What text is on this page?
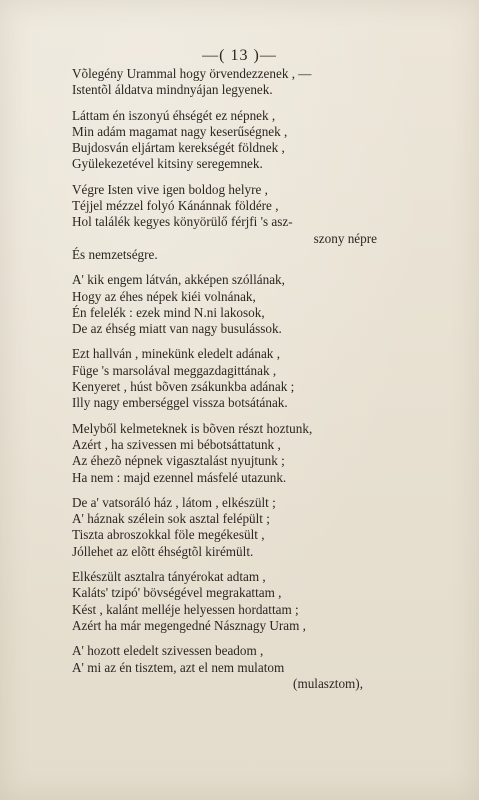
—( 13 )—
Võlegény Urammal hogy örvendezzenek , —
Istentõl áldatva mindnyájan legyenek.
Láttam én iszonyú éhségét ez népnek ,
Min adám magamat nagy keserűségnek ,
Bujdosván eljártam kerekségét földnek ,
Gyülekezetével kitsiny seregemnek.
Végre Isten vive igen boldog helyre ,
Téjjel mézzel folyó Kánánnak földére ,
Hol találék kegyes könyörülő férjfi 's asz-
szony népre
És nemzetségre.
A' kik engem látván, akképen szóllának,
Hogy az éhes népek kiéi volnának,
Én felelék : ezek mind N.ni lakosok,
De az éhség miatt van nagy busulássok.
Ezt hallván , minekünk eledelt adának ,
Füge 's marsolával meggazdagittának ,
Kenyeret , húst bõven zsákunkba adának ;
Illy nagy emberséggel vissza botsátának.
Melyből kelmeteknek is bõven részt hoztunk,
Azért , ha szivessen mi bébotsáttatunk ,
Az éhezõ népnek vigasztalást nyujtunk ;
Ha nem : majd ezennel másfelé utazunk.
De a' vatsoráló ház , látom , elkészült ;
A' háznak szélein sok asztal felépült ;
Tiszta abroszokkal föle megékesült ,
Jóllehet az elõtt éhségtõl kirémült.
Elkészült asztalra tányérokat adtam ,
Kaláts' tzipó' bövségével megrakattam ,
Kést , kalánt melléje helyessen hordattam ;
Azért ha már megengedné Násznagy Uram ,
A' hozott eledelt szivessen beadom ,
A' mi az én tisztem, azt el nem mulatom
(mulasztom),
